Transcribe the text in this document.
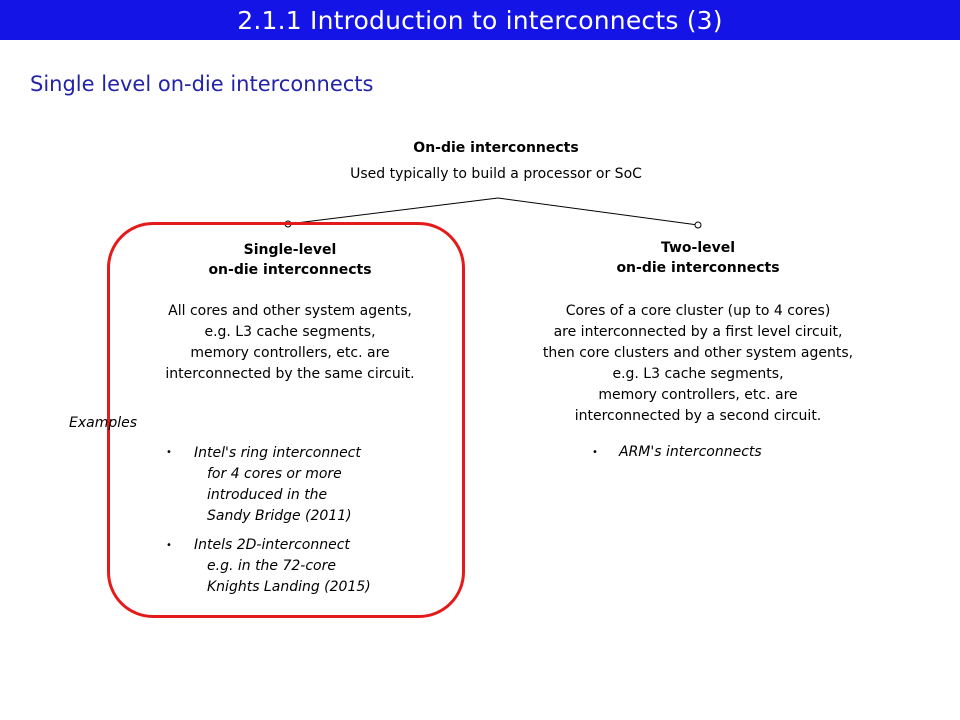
2.1.1 Introduction to interconnects (3)
Single level on-die interconnects
On-die interconnects
Used typically to build a processor or SoC
Single-level
on-die interconnects
All cores and other system agents,
e.g. L3 cache segments,
memory controllers, etc. are
interconnected by the same circuit.
Examples
• Intel's ring interconnect
for 4 cores or more
introduced in the
Sandy Bridge (2011)
• Intels 2D-interconnect
e.g. in the 72-core
Knights Landing (2015)
Two-level
on-die interconnects
Cores of a core cluster (up to 4 cores)
are interconnected by a first level circuit,
then core clusters and other system agents,
e.g. L3 cache segments,
memory controllers, etc. are
interconnected by a second circuit.
• ARM's interconnects
